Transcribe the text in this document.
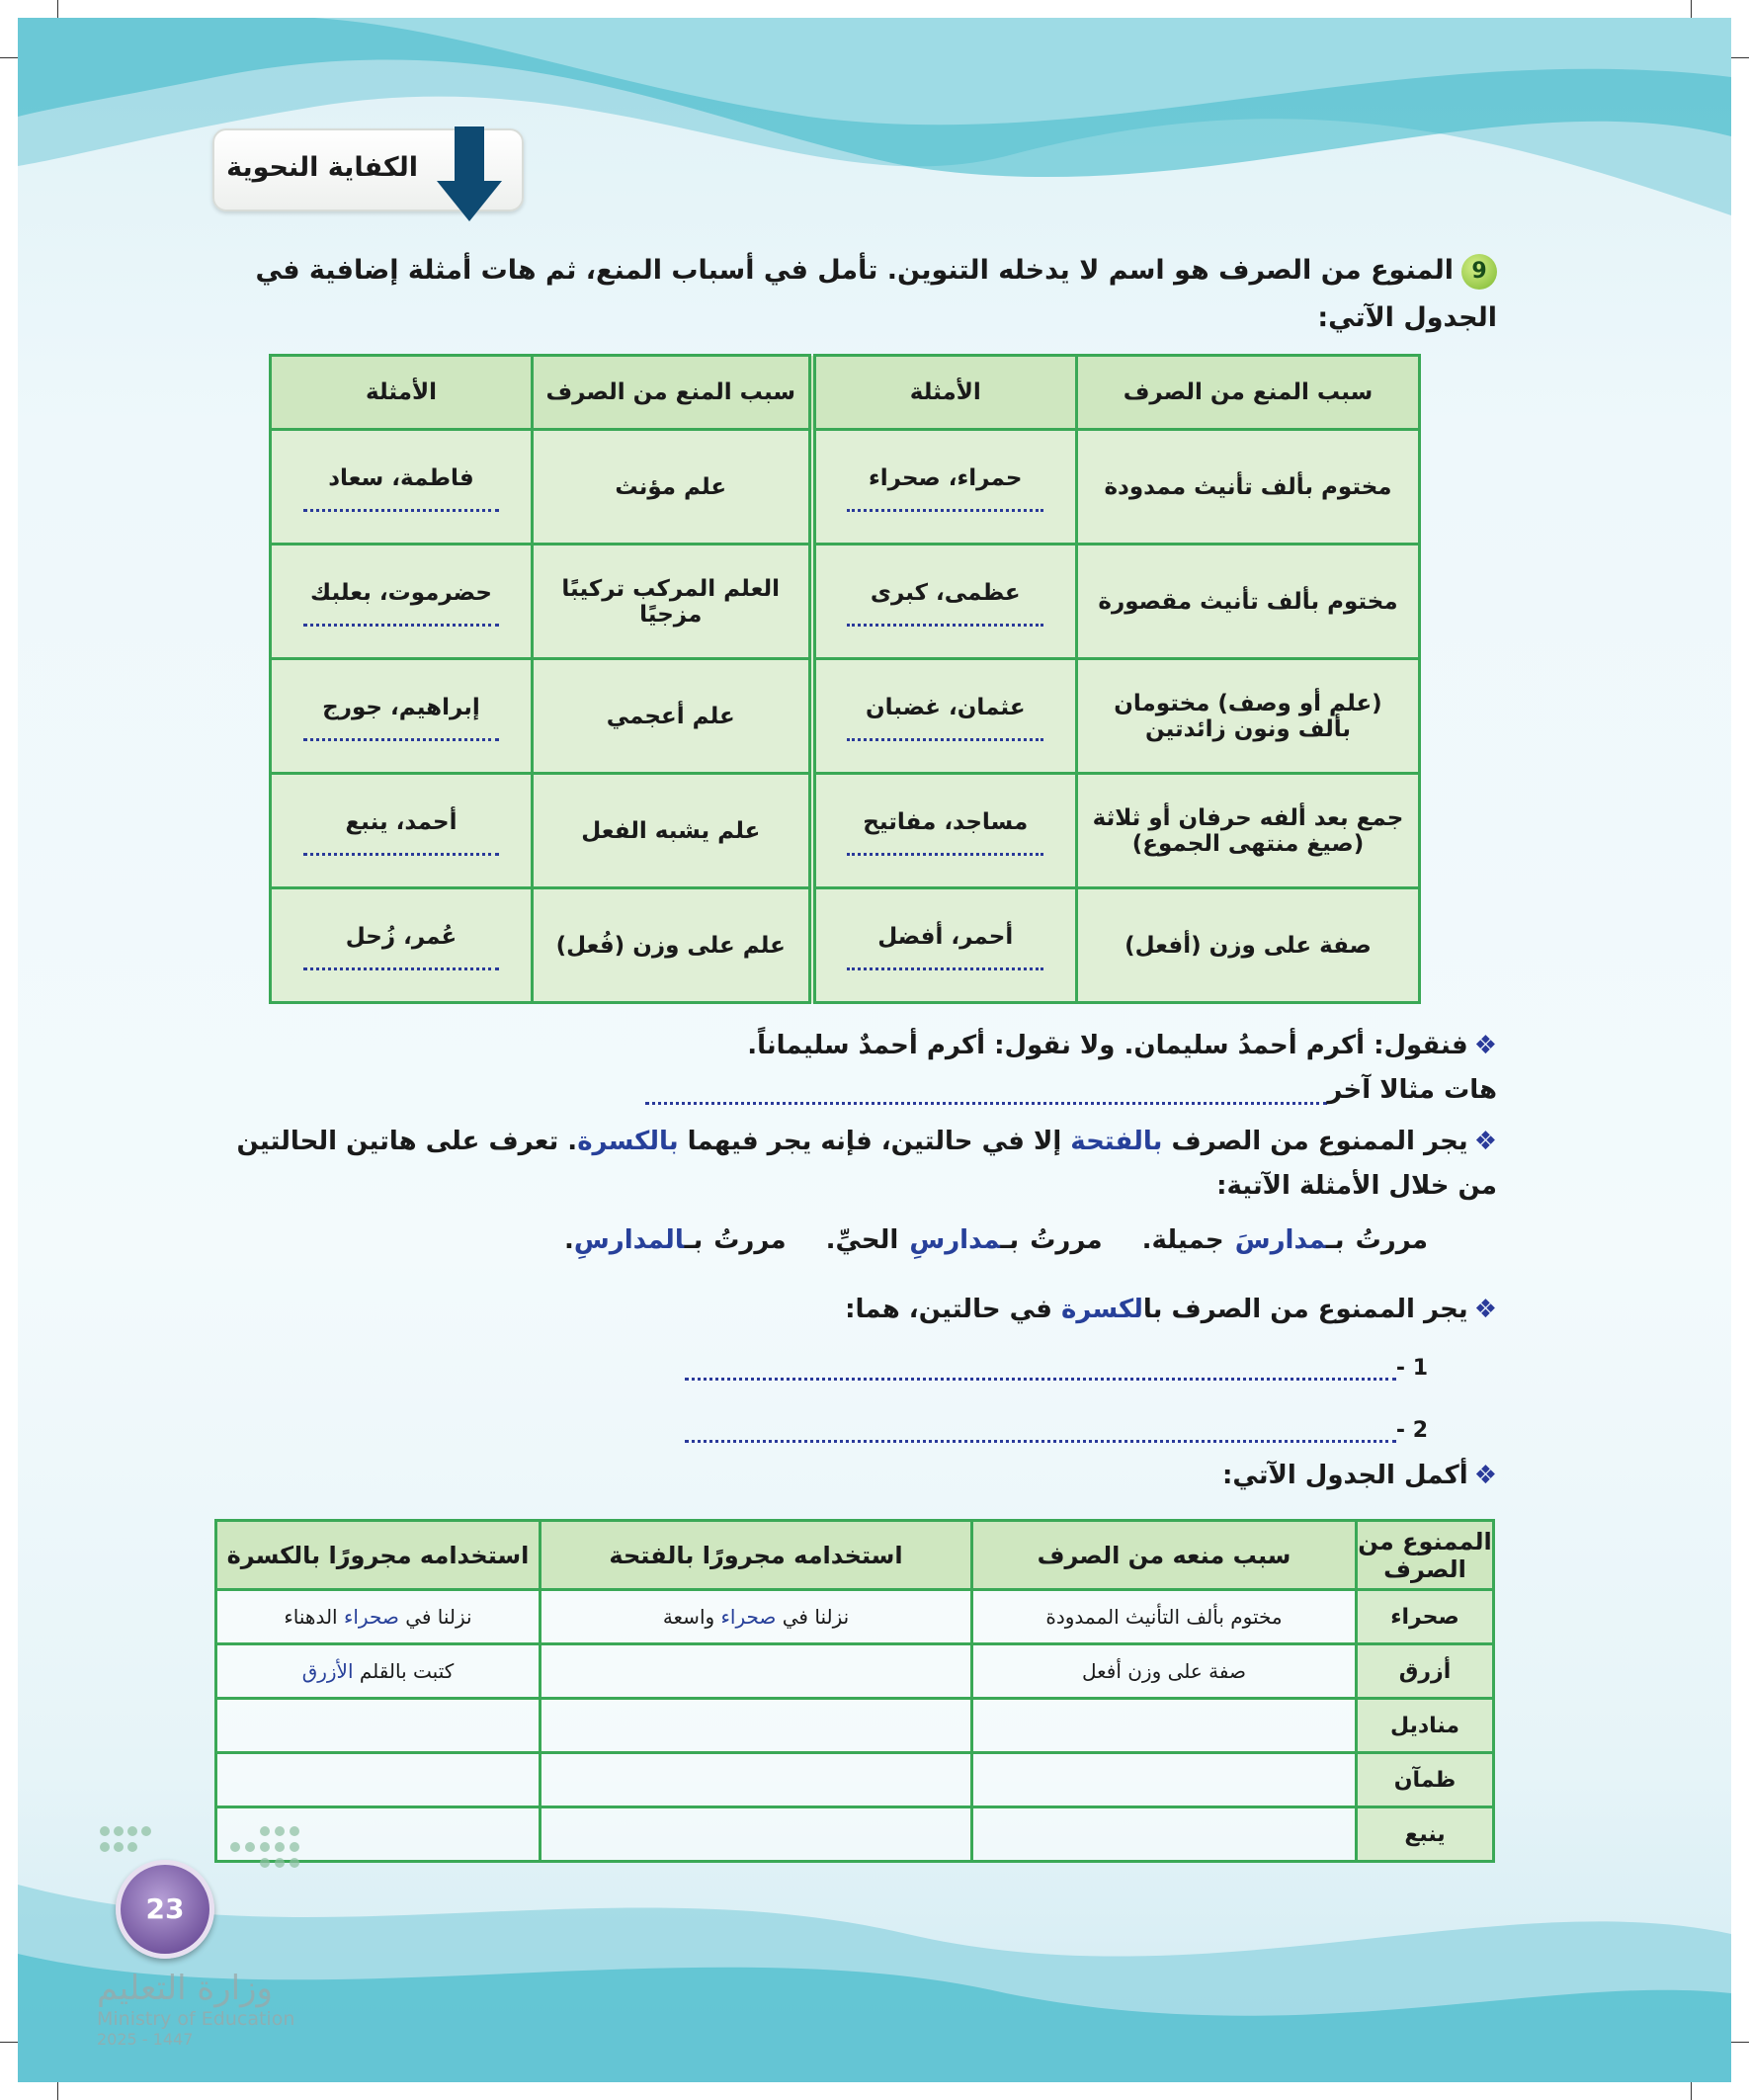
الكفاية النحوية
9المنوع من الصرف هو اسم لا يدخله التنوين. تأمل في أسباب المنع، ثم هات أمثلة إضافية في الجدول الآتي:
سبب المنع من الصرف	الأمثلة	سبب المنع من الصرف	الأمثلة
مختوم بألف تأنيث ممدودة	حمراء، صحراء	علم مؤنث	فاطمة، سعاد

مختوم بألف تأنيث مقصورة	عظمى، كبرى	العلم المركب تركيبًا مزجيًا	حضرموت، بعلبك

(علم أو وصف) مختومان بألف ونون زائدتين	عثمان، غضبان	علم أعجمي	إبراهيم، جورج

جمع بعد ألفه حرفان أو ثلاثة (صيغ منتهى الجموع)	مساجد، مفاتيح	علم يشبه الفعل	أحمد، ينبع

صفة على وزن (أفعل)	أحمر، أفضل	علم على وزن (فُعل)	عُمر، زُحل
❖فنقول: أكرم أحمدُ سليمان. ولا نقول: أكرم أحمدٌ سليماناً.
هات مثالا آخر
❖يجر الممنوع من الصرف بالفتحة إلا في حالتين، فإنه يجر فيهما بالكسرة. تعرف على هاتين الحالتين من خلال الأمثلة الآتية:
مررتُ بـمدارسَ جميلة.مررتُ بـمدارسِ الحيِّ.مررتُ بـالمدارسِ.
❖يجر الممنوع من الصرف بالكسرة في حالتين، هما:
1 -
2 -
❖أكمل الجدول الآتي:
الممنوع من الصرف	سبب منعه من الصرف	استخدامه مجرورًا بالفتحة	استخدامه مجرورًا بالكسرة
صحراء	مختوم بألف التأنيث الممدودة	نزلنا في صحراء واسعة	نزلنا في صحراء الدهناء
أزرق	صفة على وزن أفعل		كتبت بالقلم الأزرق
مناديل			
ظمآن			
ينبع			
23
وزارة التعليم
Ministry of Education
2025 - 1447
